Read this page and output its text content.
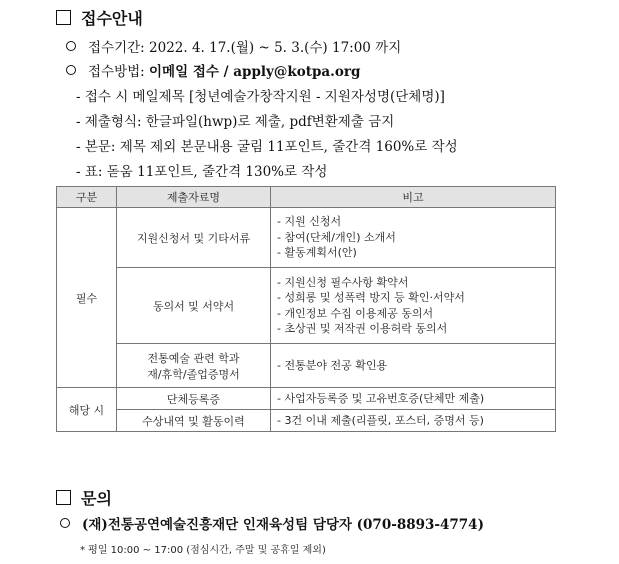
접수안내
접수기간: 2022. 4. 17.(월) ~ 5. 3.(수) 17:00 까지
접수방법: 이메일 접수 / apply@kotpa.org
- 접수 시 메일제목 [청년예술가창작지원 - 지원자성명(단체명)]
- 제출형식: 한글파일(hwp)로 제출, pdf변환제출 금지
- 본문: 제목 제외 본문내용 굴림 11포인트, 줄간격 160%로 작성
- 표: 돋움 11포인트, 줄간격 130%로 작성
구분	제출자료명	비고
필수	지원신청서 및 기타서류	- 지원 신청서
- 참여(단체/개인) 소개서
- 활동계획서(안)

	동의서 및 서약서	- 지원신청 필수사항 확약서
- 성희롱 및 성폭력 방지 등 확인·서약서
- 개인정보 수집 이용제공 동의서
- 초상권 및 저작권 이용허락 동의서

	전통예술 관련 학과
재/휴학/졸업증명서	- 전통분야 전공 확인용

해당 시	단체등록증	- 사업자등록증 및 고유번호증(단체만 제출)

	수상내역 및 활동이력	- 3건 이내 제출(리플릿, 포스터, 증명서 등)
문의
(재)전통공연예술진흥재단 인재육성팀 담당자 (070-8893-4774)
* 평일 10:00 ~ 17:00 (점심시간, 주말 및 공휴일 제외)
